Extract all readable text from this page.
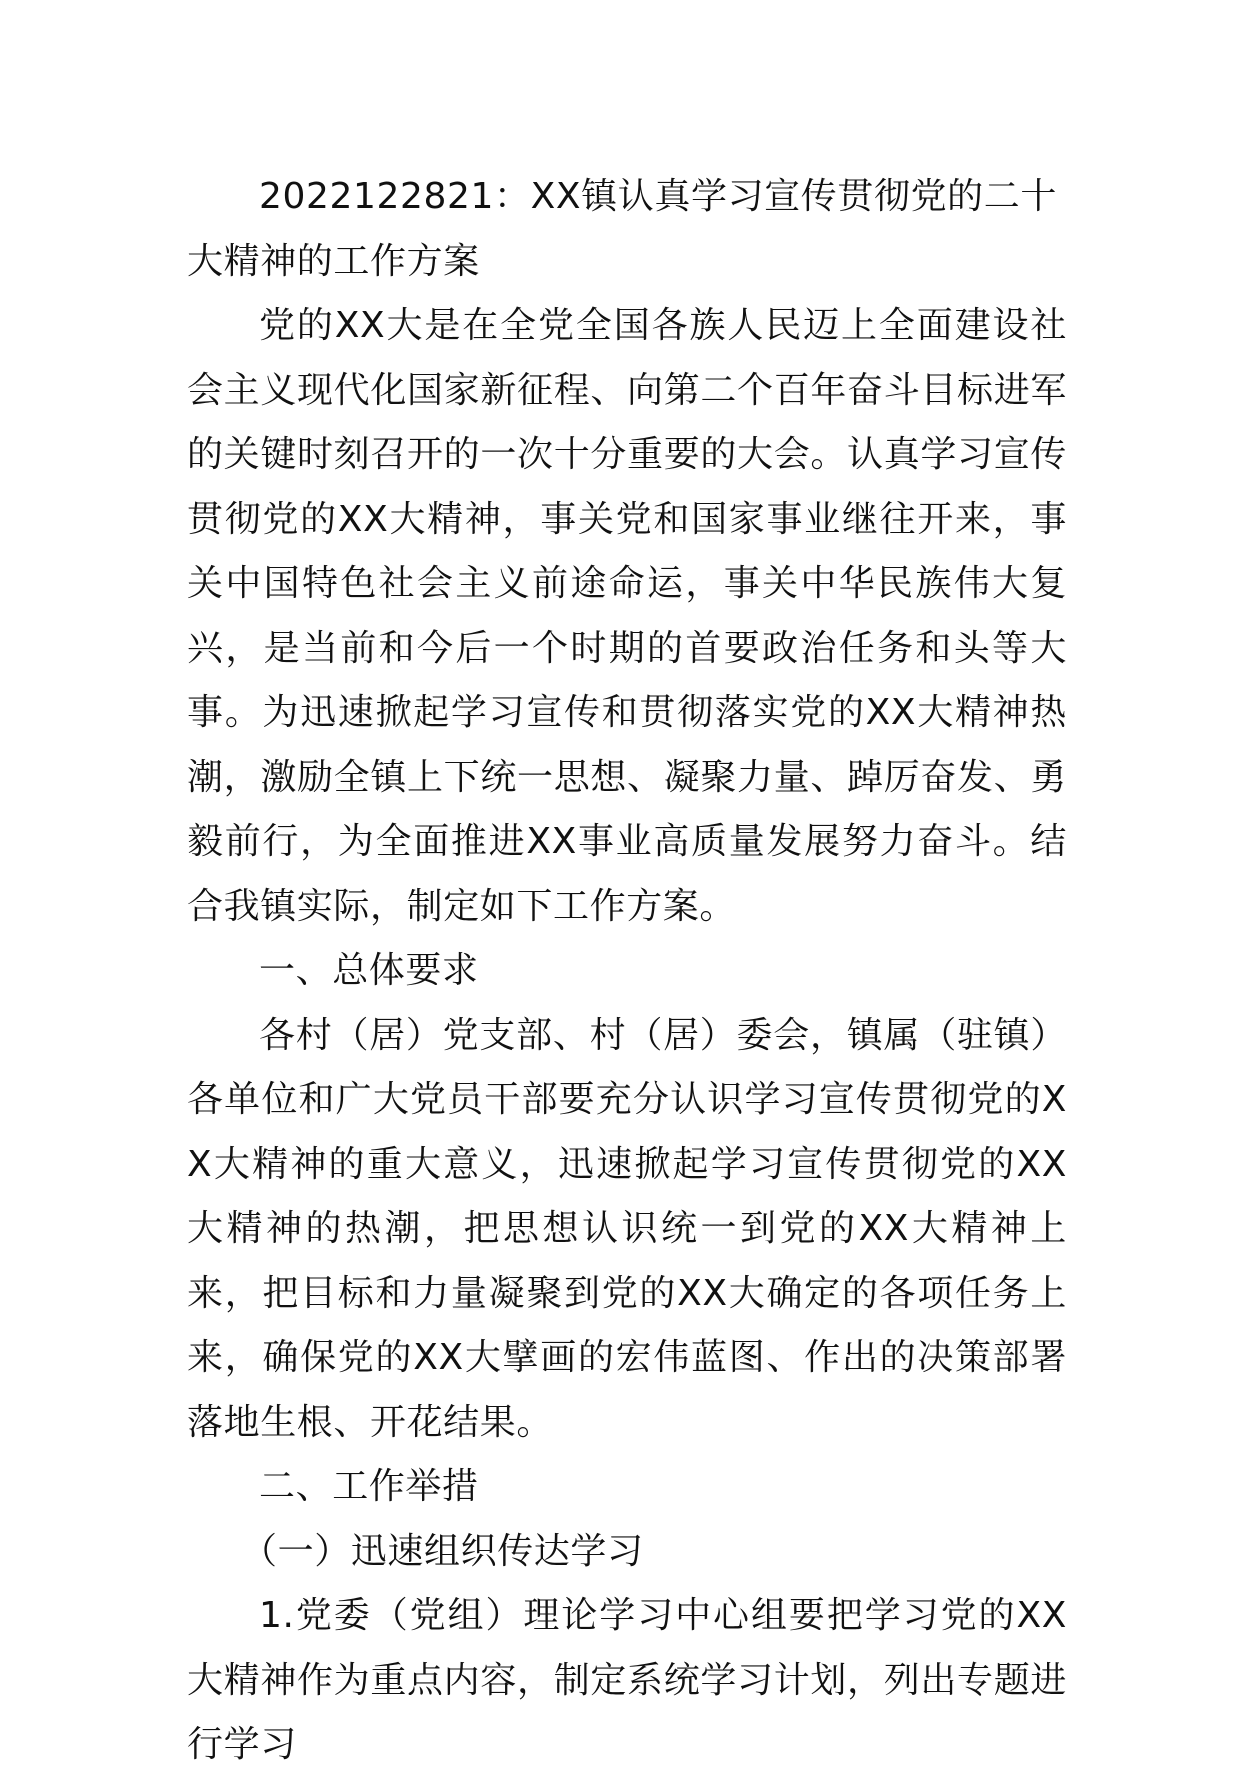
2022122821：XX镇认真学习宣传贯彻党的二十大精神的工作方案

党的XX大是在全党全国各族人民迈上全面建设社会主义现代化国家新征程、向第二个百年奋斗目标进军的关键时刻召开的一次十分重要的大会。认真学习宣传贯彻党的XX大精神，事关党和国家事业继往开来，事关中国特色社会主义前途命运，事关中华民族伟大复兴，是当前和今后一个时期的首要政治任务和头等大事。为迅速掀起学习宣传和贯彻落实党的XX大精神热潮，激励全镇上下统一思想、凝聚力量、踔厉奋发、勇毅前行，为全面推进XX事业高质量发展努力奋斗。结合我镇实际，制定如下工作方案。

一、总体要求

各村（居）党支部、村（居）委会，镇属（驻镇）各单位和广大党员干部要充分认识学习宣传贯彻党的XX大精神的重大意义，迅速掀起学习宣传贯彻党的XX大精神的热潮，把思想认识统一到党的XX大精神上来，把目标和力量凝聚到党的XX大确定的各项任务上来，确保党的XX大擘画的宏伟蓝图、作出的决策部署落地生根、开花结果。

二、工作举措

（一）迅速组织传达学习

1.党委（党组）理论学习中心组要把学习党的XX大精神作为重点内容，制定系统学习计划，列出专题进行学习
